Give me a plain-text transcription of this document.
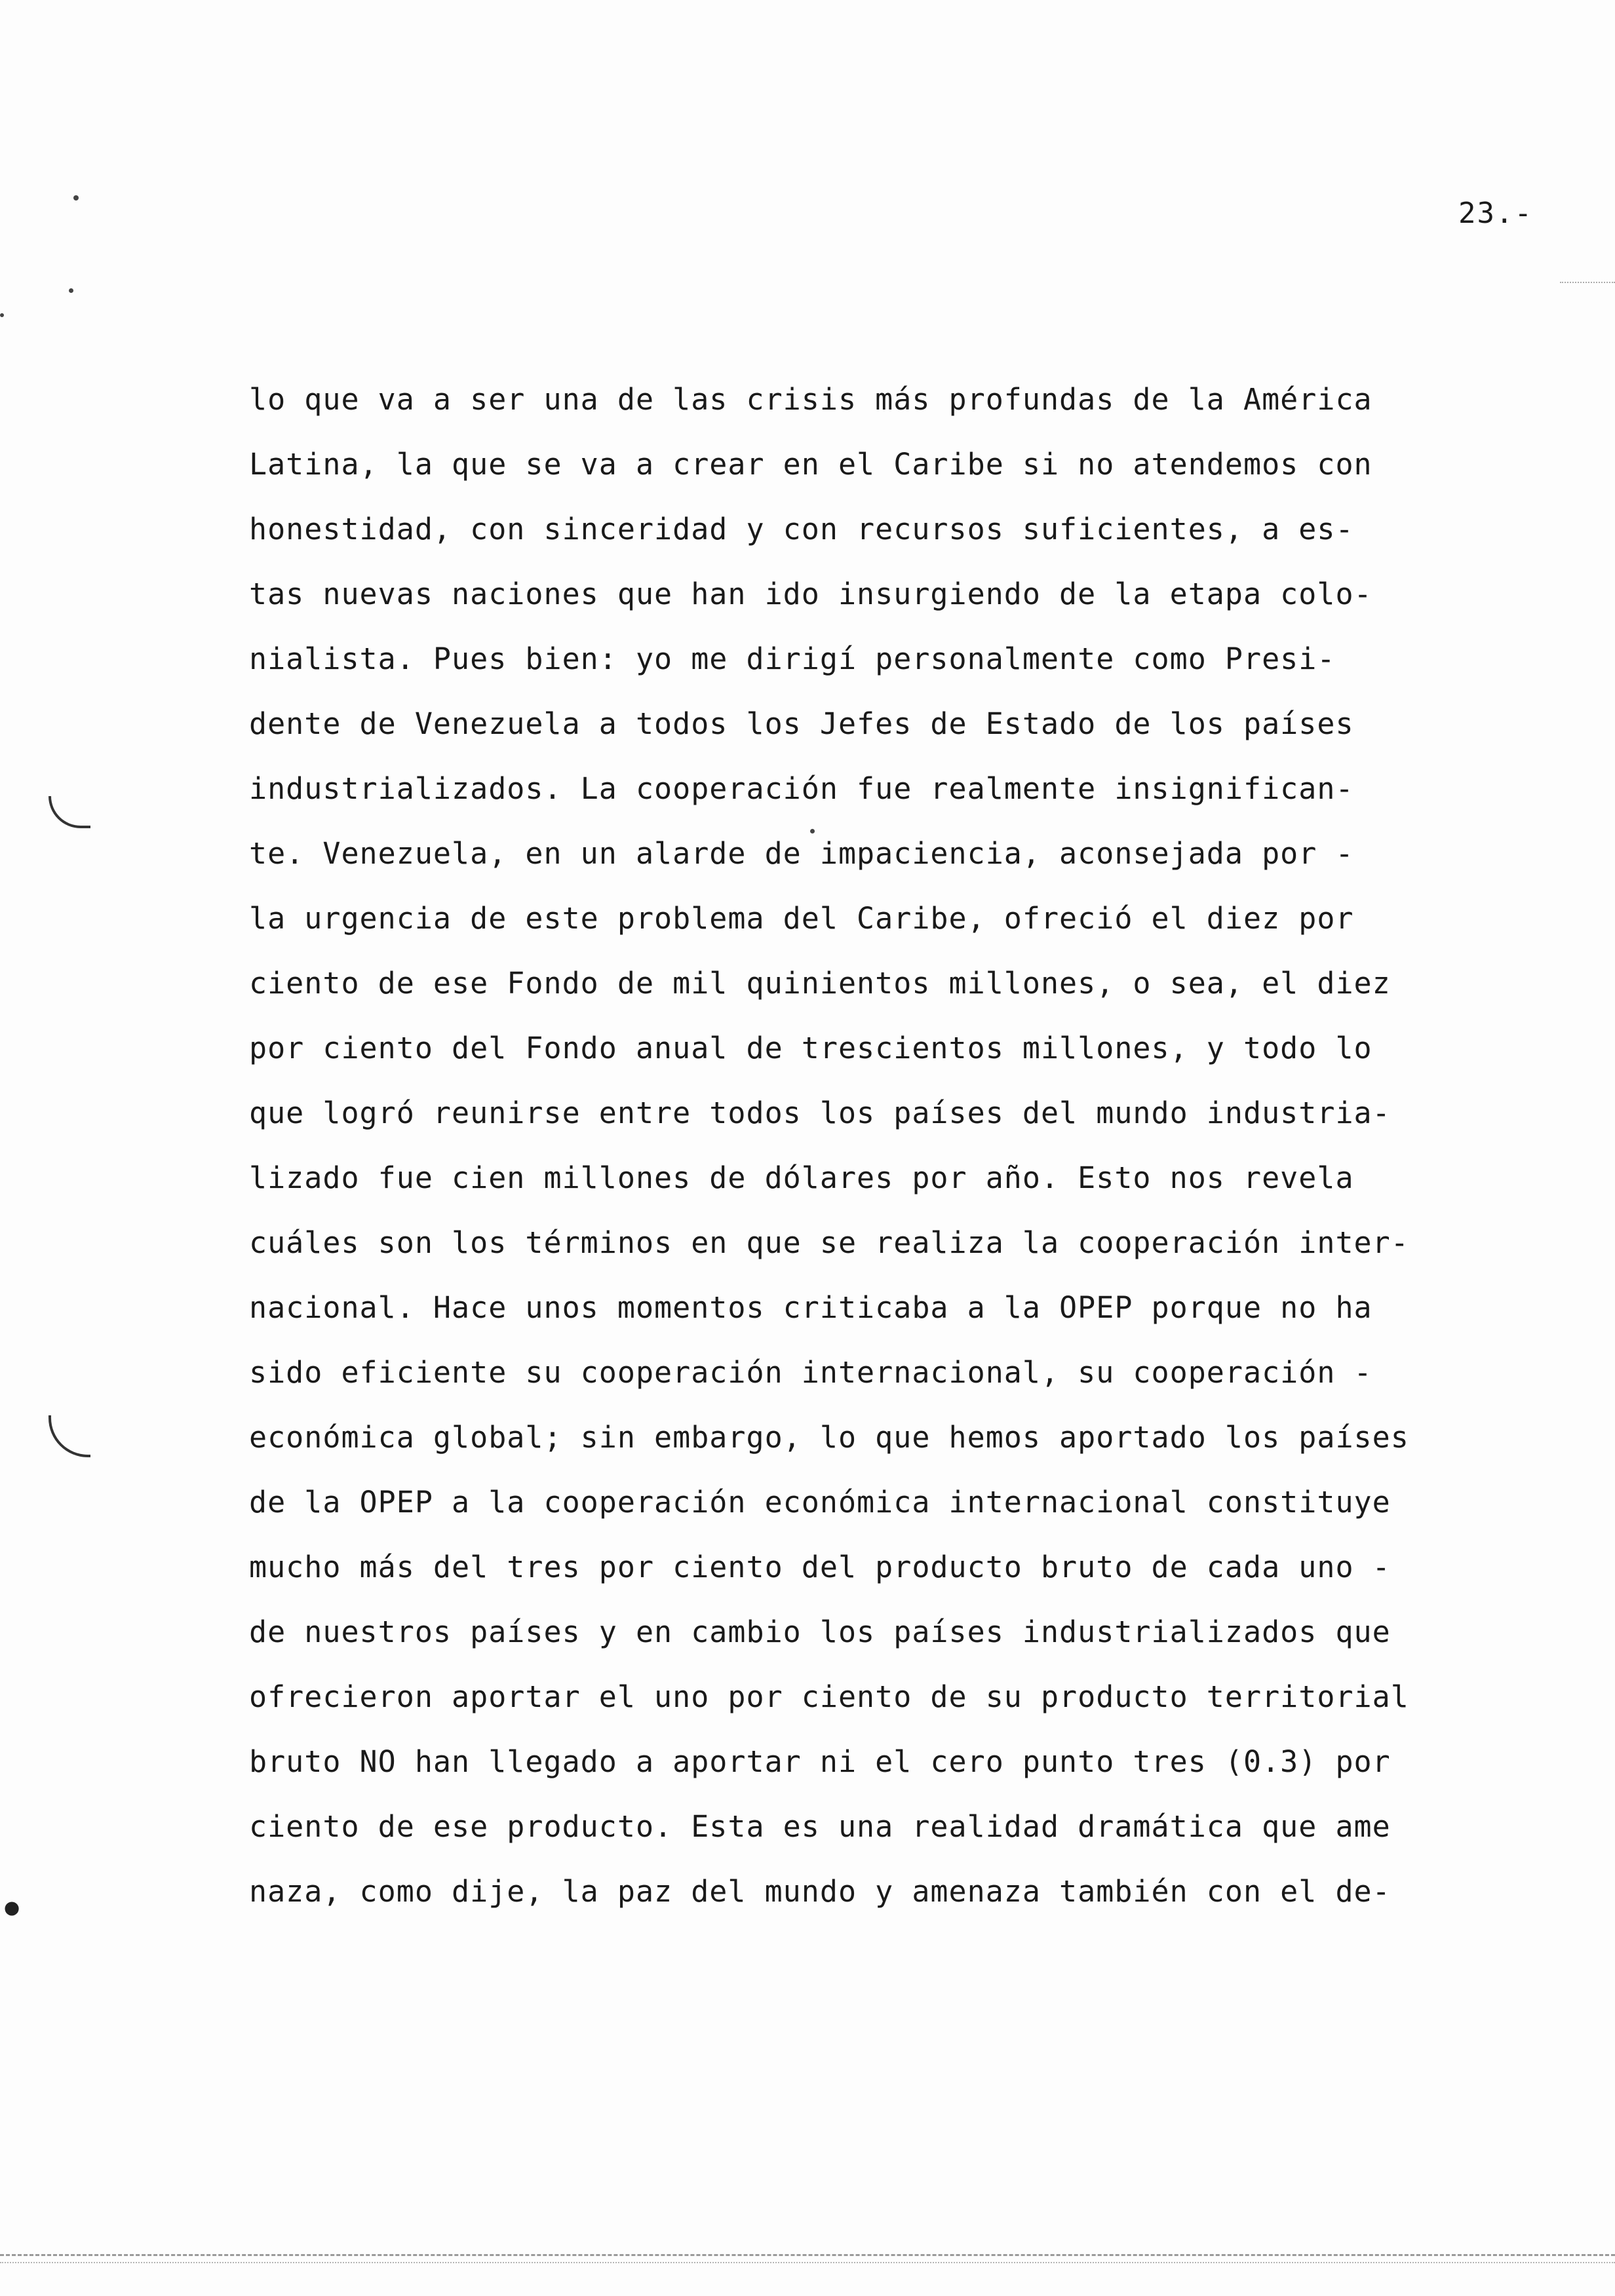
•
23.-
lo que va a ser una de las crisis más profundas de la América
Latina, la que se va a crear en el Caribe si no atendemos con
honestidad, con sinceridad y con recursos suficientes, a es-
tas nuevas naciones que han ido insurgiendo de la etapa colo-
nialista. Pues bien: yo me dirigí personalmente como Presi-
dente de Venezuela a todos los Jefes de Estado de los países
industrializados. La cooperación fue realmente insignifican-
te. Venezuela, en un alarde de impaciencia, aconsejada por -
la urgencia de este problema del Caribe, ofreció el diez por
ciento de ese Fondo de mil quinientos millones, o sea, el diez
por ciento del Fondo anual de trescientos millones, y todo lo
que logró reunirse entre todos los países del mundo industria-
lizado fue cien millones de dólares por año. Esto nos revela
cuáles son los términos en que se realiza la cooperación inter-
nacional. Hace unos momentos criticaba a la OPEP porque no ha
sido eficiente su cooperación internacional, su cooperación -
económica global; sin embargo, lo que hemos aportado los países
de la OPEP a la cooperación económica internacional constituye
mucho más del tres por ciento del producto bruto de cada uno -
de nuestros países y en cambio los países industrializados que
ofrecieron aportar el uno por ciento de su producto territorial
bruto NO han llegado a aportar ni el cero punto tres (0.3) por
ciento de ese producto. Esta es una realidad dramática que ame
naza, como dije, la paz del mundo y amenaza también con el de-
